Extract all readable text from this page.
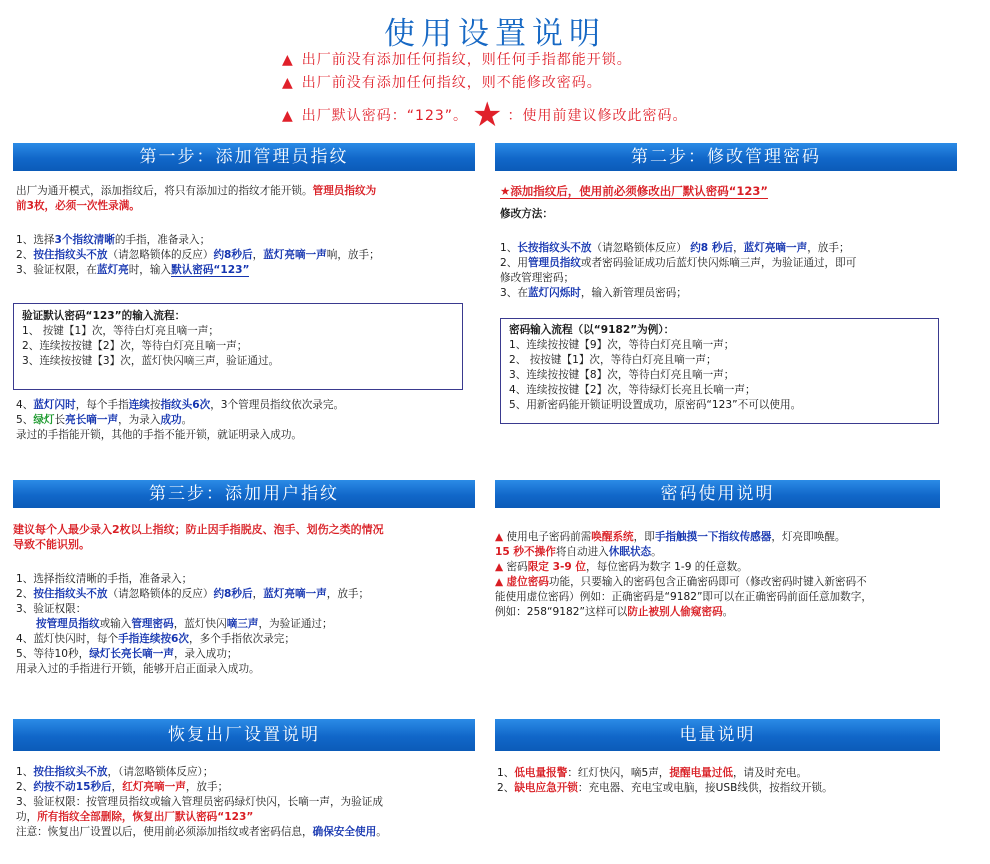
使用设置说明
▲ 出厂前没有添加任何指纹，则任何手指都能开锁。
▲ 出厂前没有添加任何指纹，则不能修改密码。
▲ 出厂默认密码：“123”。 ★ ：使用前建议修改此密码。
第一步：添加管理员指纹
出厂为通开模式，添加指纹后，将只有添加过的指纹才能开锁。管理员指纹为
前3枚，必须一次性录满。
1、选择3个指纹清晰的手指，准备录入；
2、按住指纹头不放（请忽略锁体的反应）约8秒后，蓝灯亮嘀一声响，放手；
3、验证权限，在蓝灯亮时，输入默认密码“123”
验证默认密码“123”的输入流程：
1、 按键【1】次，等待白灯亮且嘀一声；
2、连续按按键【2】次，等待白灯亮且嘀一声；
3、连续按按键【3】次，蓝灯快闪嘀三声，验证通过。
4、蓝灯闪时，每个手指连续按指纹头6次，3个管理员指纹依次录完。
5、绿灯长亮长嘀一声，为录入成功。
录过的手指能开锁，其他的手指不能开锁，就证明录入成功。
第二步：修改管理密码
★添加指纹后，使用前必须修改出厂默认密码“123”
修改方法：
1、长按指纹头不放（请忽略锁体反应） 约8 秒后，蓝灯亮嘀一声，放手；
2、用管理员指纹或者密码验证成功后蓝灯快闪烁嘀三声，为验证通过，即可
修改管理密码；
3、在蓝灯闪烁时，输入新管理员密码；
密码输入流程（以“9182”为例）：
1、连续按按键【9】次，等待白灯亮且嘀一声；
2、 按按键【1】次，等待白灯亮且嘀一声；
3、连续按按键【8】次，等待白灯亮且嘀一声；
4、连续按按键【2】次，等待绿灯长亮且长嘀一声；
5、用新密码能开锁证明设置成功，原密码“123”不可以使用。
第三步：添加用户指纹
建议每个人最少录入2枚以上指纹；防止因手指脱皮、泡手、划伤之类的情况
导致不能识别。
1、选择指纹清晰的手指，准备录入；
2、按住指纹头不放（请忽略锁体的反应）约8秒后，蓝灯亮嘀一声，放手；
3、验证权限：
按管理员指纹或输入管理密码，蓝灯快闪嘀三声，为验证通过；
4、蓝灯快闪时，每个手指连续按6次，多个手指依次录完；
5、等待10秒，绿灯长亮长嘀一声，录入成功；
用录入过的手指进行开锁，能够开启正面录入成功。
密码使用说明
▲ 使用电子密码前需唤醒系统，即手指触摸一下指纹传感器，灯亮即唤醒。
15 秒不操作将自动进入休眠状态。
▲ 密码限定 3-9 位，每位密码为数字 1-9 的任意数。
▲ 虚位密码功能，只要输入的密码包含正确密码即可（修改密码时键入新密码不
能使用虚位密码）例如：正确密码是“9182”即可以在正确密码前面任意加数字，
例如：258“9182”这样可以防止被别人偷窥密码。
恢复出厂设置说明
1、按住指纹头不放，（请忽略锁体反应）；
2、约按不动15秒后，红灯亮嘀一声，放手；
3、验证权限：按管理员指纹或输入管理员密码绿灯快闪，长嘀一声，为验证成
功，所有指纹全部删除，恢复出厂默认密码“123”
注意：恢复出厂设置以后，使用前必须添加指纹或者密码信息，确保安全使用。
电量说明
1、低电量报警：红灯快闪，嘀5声，提醒电量过低，请及时充电。
2、缺电应急开锁：充电器、充电宝或电脑，接USB线供，按指纹开锁。
